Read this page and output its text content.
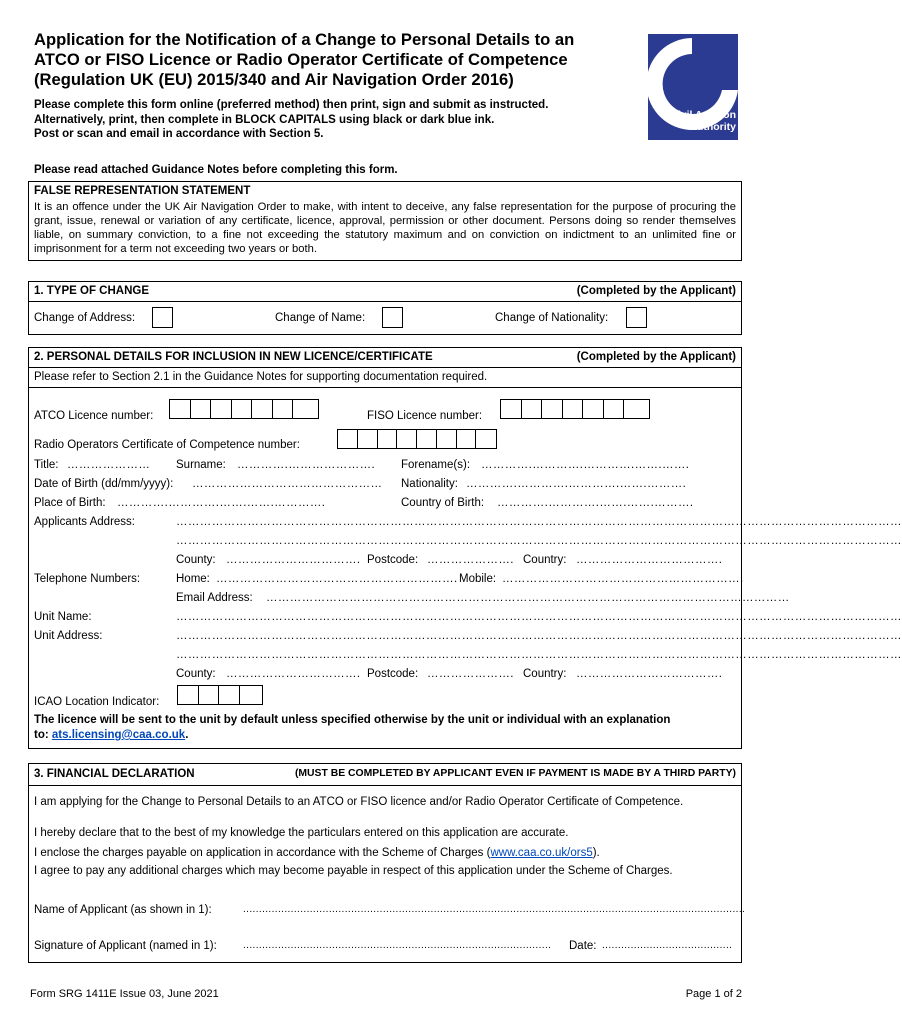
Application for the Notification of a Change to Personal Details to an
ATCO or FISO Licence or Radio Operator Certificate of Competence
(Regulation UK (EU) 2015/340 and Air Navigation Order 2016)
Please complete this form online (preferred method) then print, sign and submit as instructed.
Alternatively, print, then complete in BLOCK CAPITALS using black or dark blue ink.
Post or scan and email in accordance with Section 5.
Civil Aviation
Authority
Please read attached Guidance Notes before completing this form.
FALSE REPRESENTATION STATEMENT
It is an offence under the UK Air Navigation Order to make, with intent to deceive, any false representation for the purpose of procuring the grant, issue, renewal or variation of any certificate, licence, approval, permission or other document. Persons doing so render themselves liable, on summary conviction, to a fine not exceeding the statutory maximum and on conviction on indictment to an unlimited fine or imprisonment for a term not exceeding two years or both.
1. TYPE OF CHANGE	(Completed by the Applicant)
Change of Address:	Change of Name:	Change of Nationality:
2. PERSONAL DETAILS FOR INCLUSION IN NEW LICENCE/CERTIFICATE	(Completed by the Applicant)
Please refer to Section 2.1 in the Guidance Notes for supporting documentation required.
ATCO Licence number:	FISO Licence number:
Radio Operators Certificate of Competence number:
Title: …………………	Surname: ………….………………….	Forename(s): ………….………….………….…….…….
Date of Birth (dd/mm/yyyy): …………………………………………	Nationality: ………….………….………….…….……….
Place of Birth: ………….………….…….…….………….	Country of Birth: ………….………….…….…….……….
Applicants Address:	…………………………………………………………………………………………………………………………………………………………………
…………………………………………………………………………………………………………………………………………………………………
County: ……………………………. Postcode: …………………. Country: ……………………………….
Telephone Numbers:	Home: ……………………………………………………. Mobile: …………………………………………………….
Email Address: ……………………………………………………………………………………………………………………
Unit Name:	…………………………………………………………………………………………………………………………………………………………………
Unit Address:	…………………………………………………………………………………………………………………………………………………………………
…………………………………………………………………………………………………………………………………………………………………
County: ……………………………. Postcode: …………………. Country: ……………………………….
ICAO Location Indicator:
The licence will be sent to the unit by default unless specified otherwise by the unit or individual with an explanation
to: ats.licensing@caa.co.uk.
3. FINANCIAL DECLARATION	(MUST BE COMPLETED BY APPLICANT EVEN IF PAYMENT IS MADE BY A THIRD PARTY)
I am applying for the Change to Personal Details to an ATCO or FISO licence and/or Radio Operator Certificate of Competence.
I hereby declare that to the best of my knowledge the particulars entered on this application are accurate.
I enclose the charges payable on application in accordance with the Scheme of Charges (www.caa.co.uk/ors5).
I agree to pay any additional charges which may become payable in respect of this application under the Scheme of Charges.
Name of Applicant (as shown in 1):	..............................................................................................................................................................
Signature of Applicant (named in 1):	.................................................................................................	Date: .........................................
Form SRG 1411E Issue 03, June 2021	Page 1 of 2
